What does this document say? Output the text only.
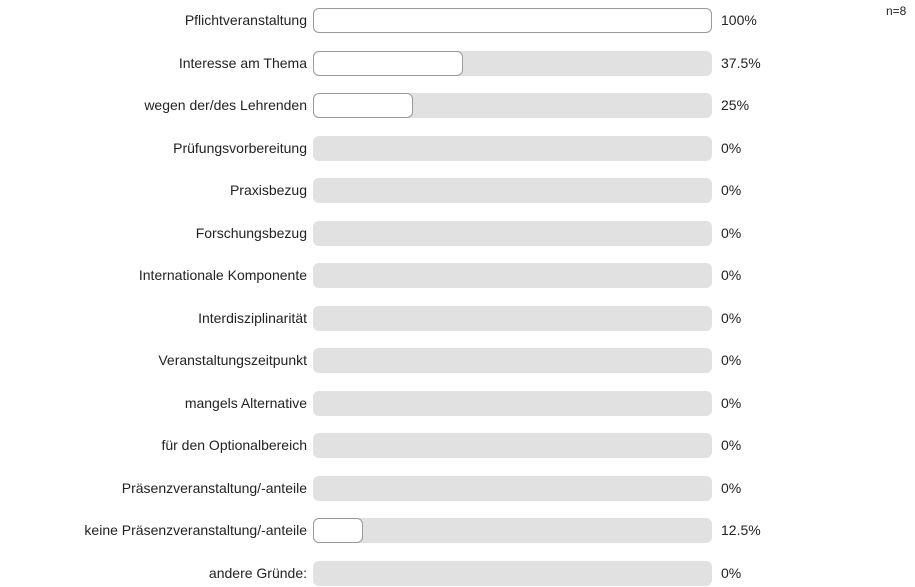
n=8
Pflichtveranstaltung	100%
Interesse am Thema	37.5%
wegen der/des Lehrenden	25%
Prüfungsvorbereitung	0%
Praxisbezug	0%
Forschungsbezug	0%
Internationale Komponente	0%
Interdisziplinarität	0%
Veranstaltungszeitpunkt	0%
mangels Alternative	0%
für den Optionalbereich	0%
Präsenzveranstaltung/-anteile	0%
keine Präsenzveranstaltung/-anteile	12.5%
andere Gründe:	0%
